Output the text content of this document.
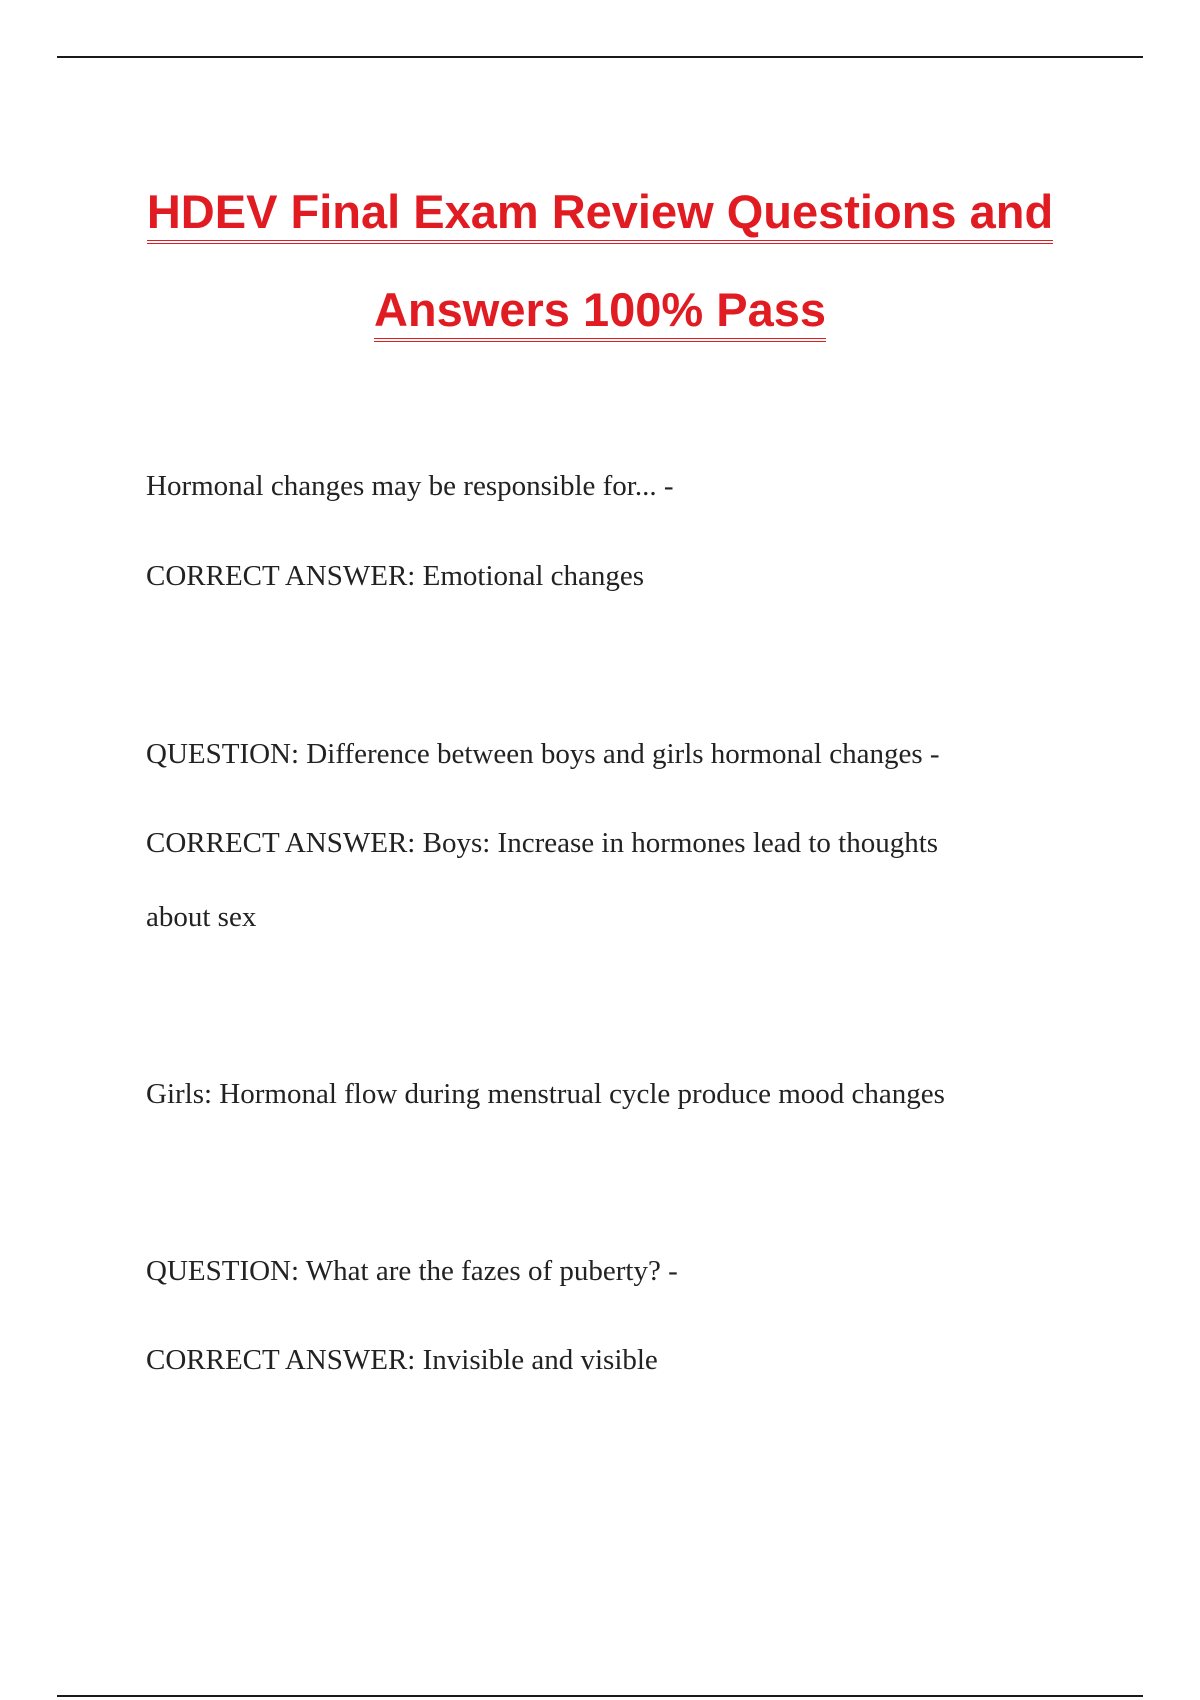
HDEV Final Exam Review Questions and
Answers 100% Pass
Hormonal changes may be responsible for... -
CORRECT ANSWER: Emotional changes
QUESTION: Difference between boys and girls hormonal changes -
CORRECT ANSWER: Boys: Increase in hormones lead to thoughts
about sex
Girls: Hormonal flow during menstrual cycle produce mood changes
QUESTION: What are the fazes of puberty? -
CORRECT ANSWER: Invisible and visible
